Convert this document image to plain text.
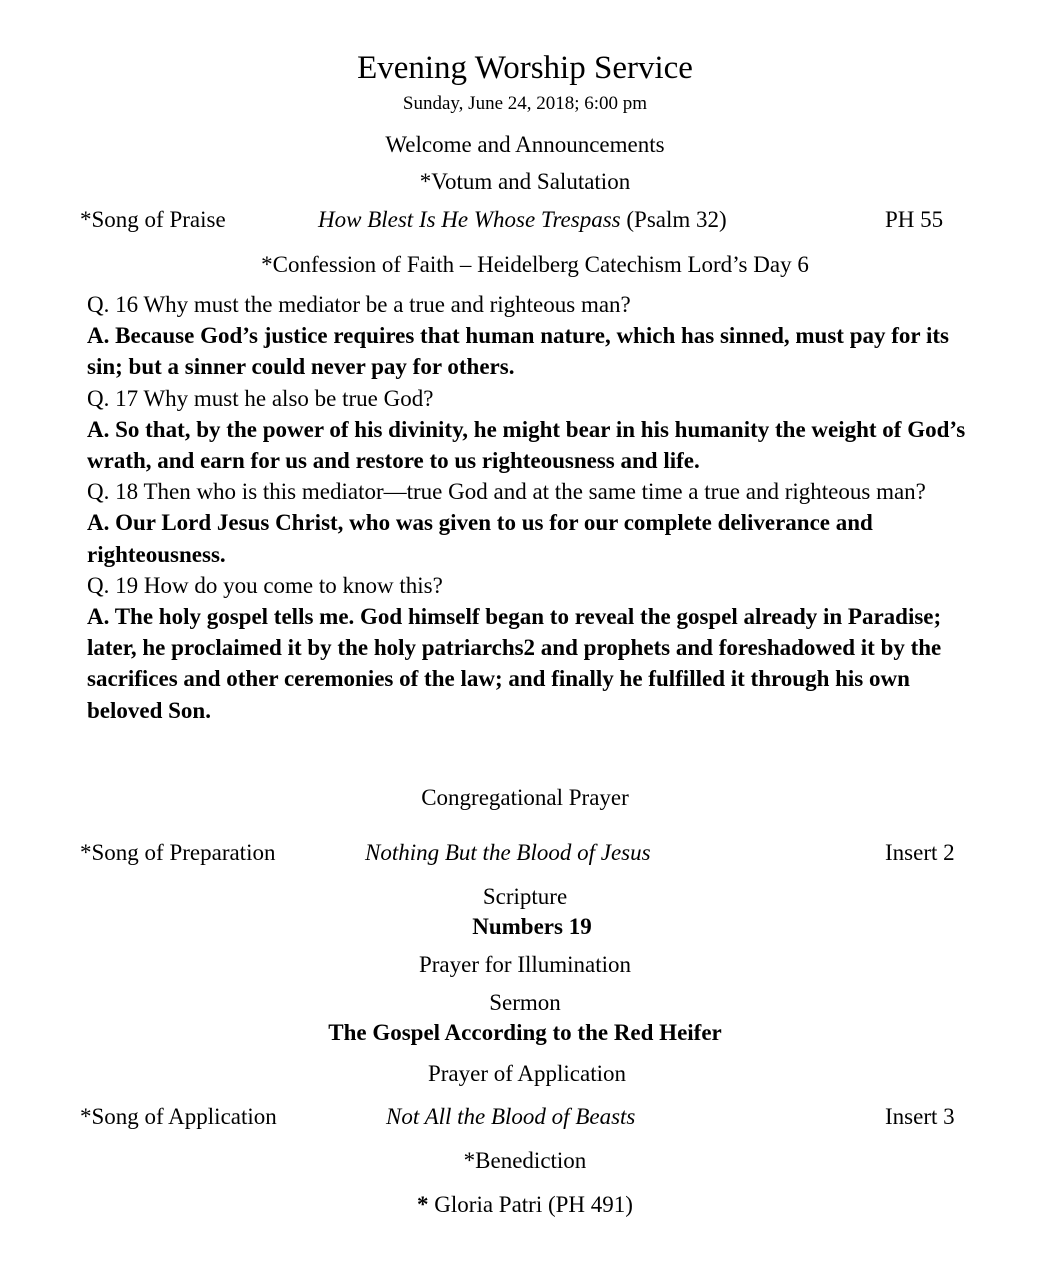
Evening Worship Service
Sunday, June 24, 2018; 6:00 pm
Welcome and Announcements
*Votum and Salutation
*Song of Praise	How Blest Is He Whose Trespass (Psalm 32)	PH 55
*Confession of Faith – Heidelberg Catechism Lord’s Day 6

Q. 16 Why must the mediator be a true and righteous man?

A. Because God’s justice requires that human nature, which has sinned, must pay for its sin; but a sinner could never pay for others.

Q. 17 Why must he also be true God?

A. So that, by the power of his divinity, he might bear in his humanity the weight of God’s wrath, and earn for us and restore to us righteousness and life.

Q. 18 Then who is this mediator—true God and at the same time a true and righteous man?

A. Our Lord Jesus Christ, who was given to us for our complete deliverance and righteousness.

Q. 19 How do you come to know this?

A. The holy gospel tells me. God himself began to reveal the gospel already in Paradise; later, he proclaimed it by the holy patriarchs2 and prophets and foreshadowed it by the sacrifices and other ceremonies of the law; and finally he fulfilled it through his own beloved Son.

Congregational Prayer
*Song of Preparation	Nothing But the Blood of Jesus	Insert 2
Scripture
Numbers 19
Prayer for Illumination
Sermon
The Gospel According to the Red Heifer
Prayer of Application
*Song of Application	Not All the Blood of Beasts	Insert 3
*Benediction
* Gloria Patri (PH 491)
